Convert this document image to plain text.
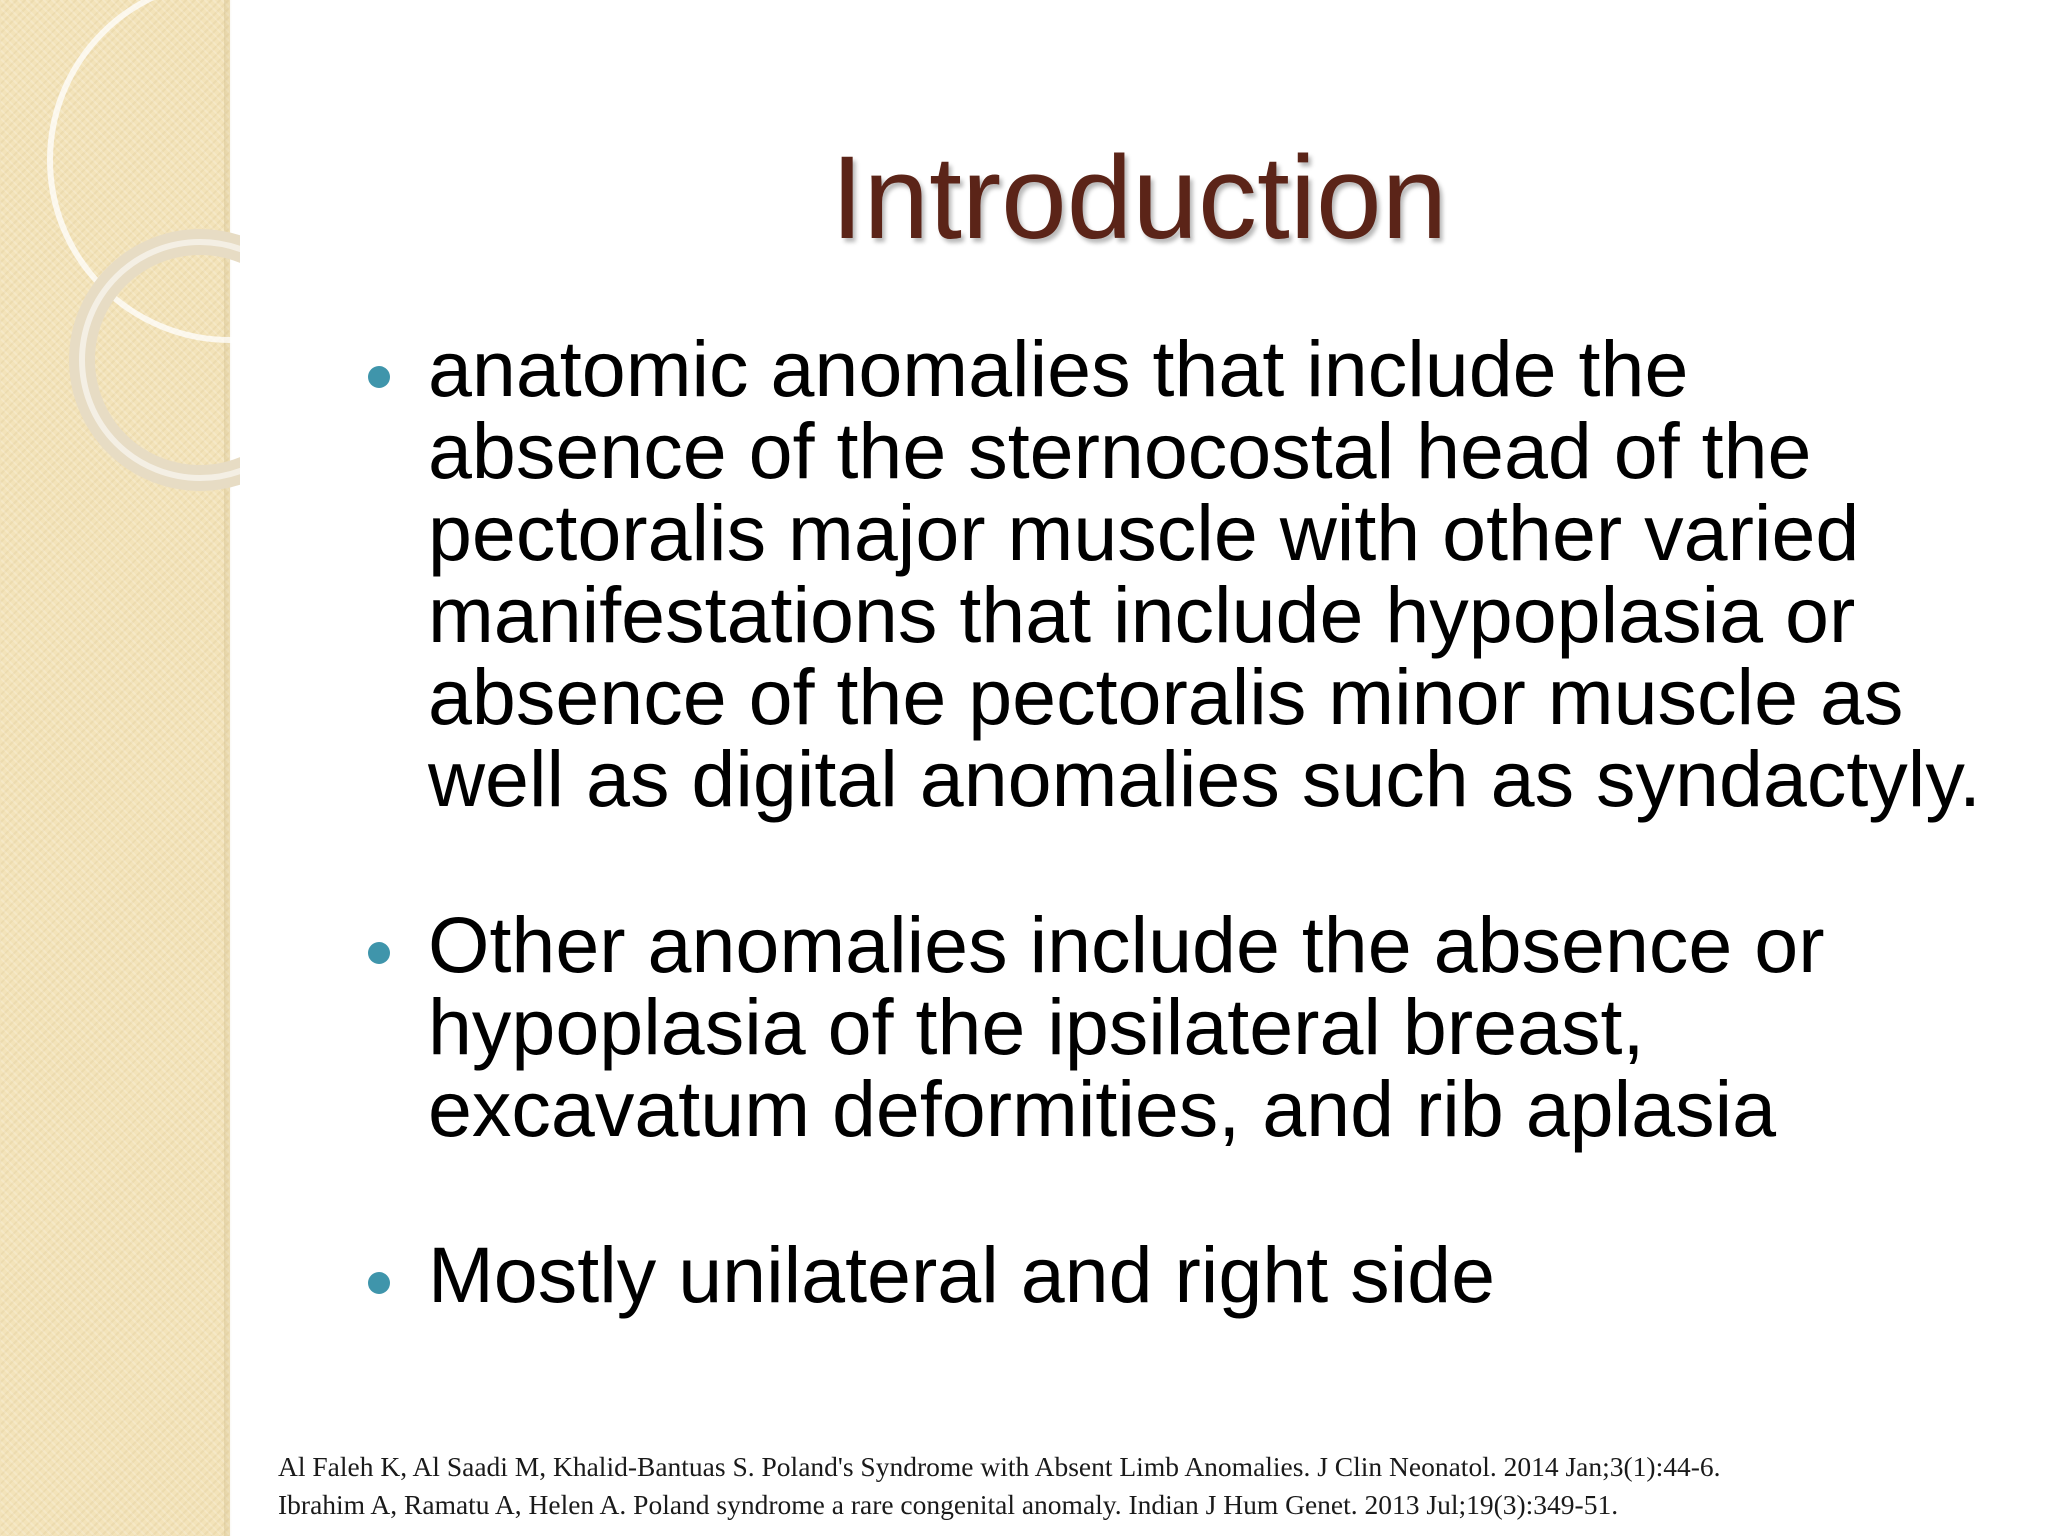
Introduction
anatomic anomalies that include the absence of the sternocostal head of the pectoralis major muscle with other varied manifestations that include hypoplasia or absence of the pectoralis minor muscle as well as digital anomalies such as syndactyly.
Other anomalies include the absence or hypoplasia of the ipsilateral breast, excavatum deformities, and rib aplasia
Mostly unilateral and right side
Al Faleh K, Al Saadi M, Khalid-Bantuas S. Poland's Syndrome with Absent Limb Anomalies. J Clin Neonatol. 2014 Jan;3(1):44-6.
Ibrahim A, Ramatu A, Helen A. Poland syndrome a rare congenital anomaly. Indian J Hum Genet. 2013 Jul;19(3):349-51.
